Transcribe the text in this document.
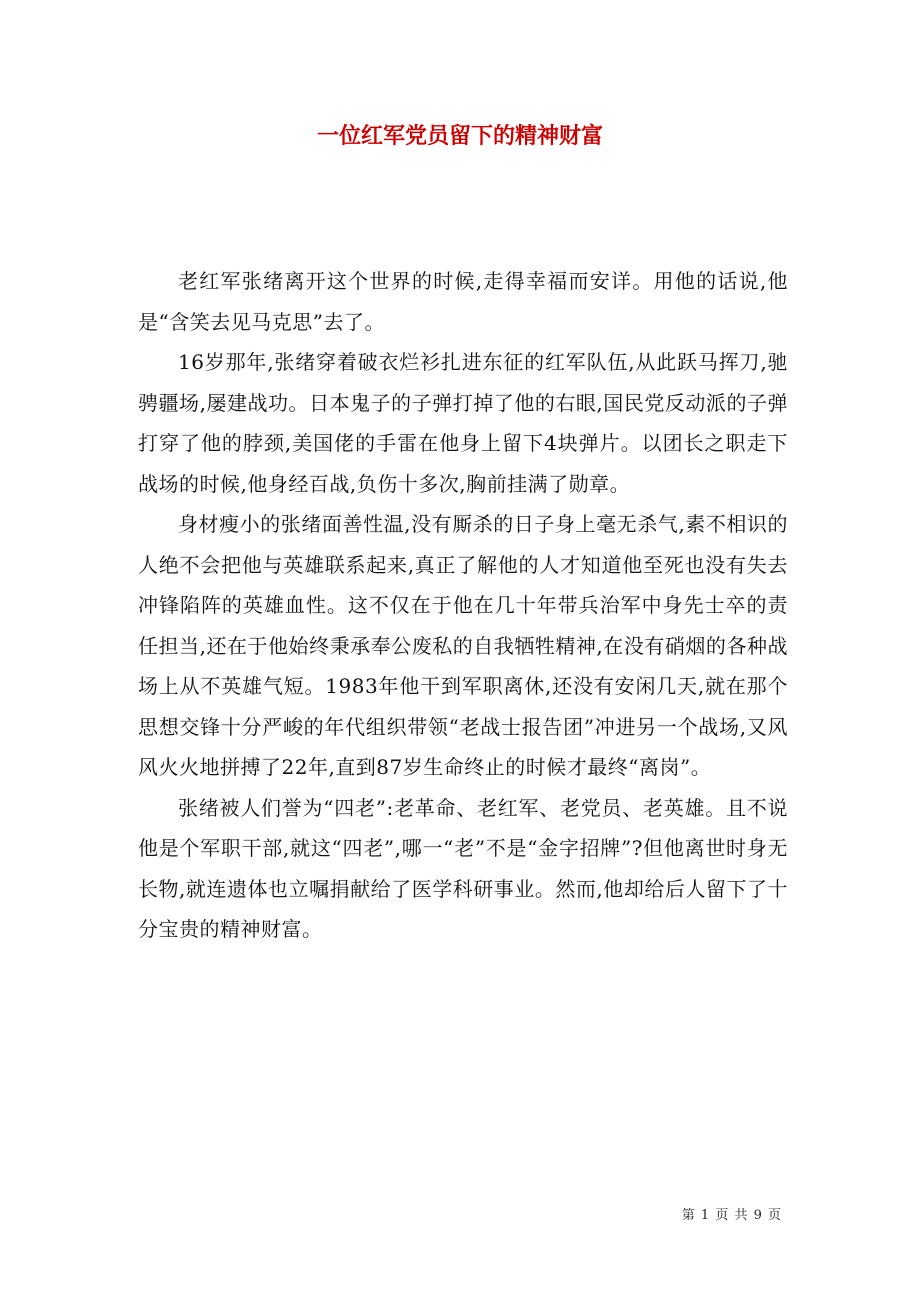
一位红军党员留下的精神财富

老红军张绪离开这个世界的时候,走得幸福而安详。用他的话说,他是“含笑去见马克思”去了。

16岁那年,张绪穿着破衣烂衫扎进东征的红军队伍,从此跃马挥刀,驰骋疆场,屡建战功。日本鬼子的子弹打掉了他的右眼,国民党反动派的子弹打穿了他的脖颈,美国佬的手雷在他身上留下4块弹片。以团长之职走下战场的时候,他身经百战,负伤十多次,胸前挂满了勋章。

身材瘦小的张绪面善性温,没有厮杀的日子身上毫无杀气,素不相识的人绝不会把他与英雄联系起来,真正了解他的人才知道他至死也没有失去冲锋陷阵的英雄血性。这不仅在于他在几十年带兵治军中身先士卒的责任担当,还在于他始终秉承奉公废私的自我牺牲精神,在没有硝烟的各种战场上从不英雄气短。1983年他干到军职离休,还没有安闲几天,就在那个思想交锋十分严峻的年代组织带领“老战士报告团”冲进另一个战场,又风风火火地拼搏了22年,直到87岁生命终止的时候才最终“离岗”。

张绪被人们誉为“四老”:老革命、老红军、老党员、老英雄。且不说他是个军职干部,就这“四老”,哪一“老”不是“金字招牌”?但他离世时身无长物,就连遗体也立嘱捐献给了医学科研事业。然而,他却给后人留下了十分宝贵的精神财富。

第 1 页 共 9 页
